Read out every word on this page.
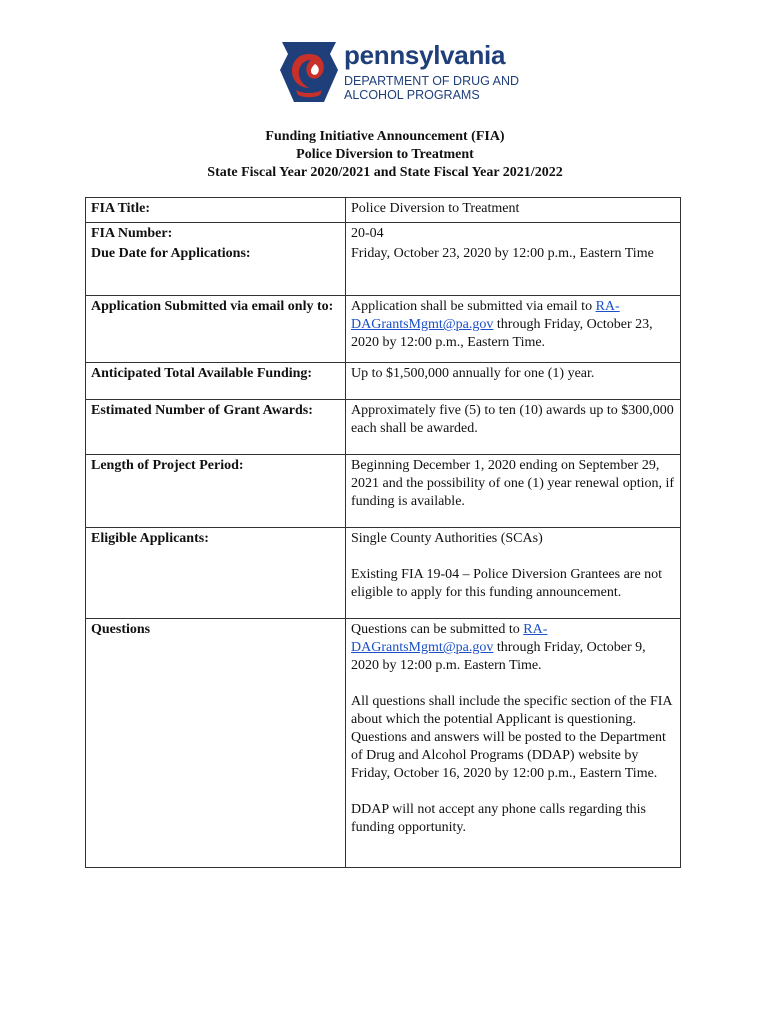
pennsylvania
DEPARTMENT OF DRUG AND
ALCOHOL PROGRAMS
Funding Initiative Announcement (FIA)
Police Diversion to Treatment
State Fiscal Year 2020/2021 and State Fiscal Year 2021/2022
FIA Title:	Police Diversion to Treatment
FIA Number:	20-04
Due Date for Applications:	Friday, October 23, 2020 by 12:00 p.m., Eastern Time
Application Submitted via email only to:	Application shall be submitted via email to RA-DAGrantsMgmt@pa.gov through Friday, October 23, 2020 by 12:00 p.m., Eastern Time.
Anticipated Total Available Funding:	Up to $1,500,000 annually for one (1) year.
Estimated Number of Grant Awards:	Approximately five (5) to ten (10) awards up to $300,000 each shall be awarded.
Length of Project Period:	Beginning December 1, 2020 ending on September 29, 2021 and the possibility of one (1) year renewal option, if funding is available.
Eligible Applicants:	Single County Authorities (SCAs)

Existing FIA 19-04 – Police Diversion Grantees are not eligible to apply for this funding announcement.

Questions	Questions can be submitted to RA-DAGrantsMgmt@pa.gov through Friday, October 9, 2020 by 12:00 p.m. Eastern Time.

All questions shall include the specific section of the FIA about which the potential Applicant is questioning. Questions and answers will be posted to the Department of Drug and Alcohol Programs (DDAP) website by Friday, October 16, 2020 by 12:00 p.m., Eastern Time.

DDAP will not accept any phone calls regarding this funding opportunity.
